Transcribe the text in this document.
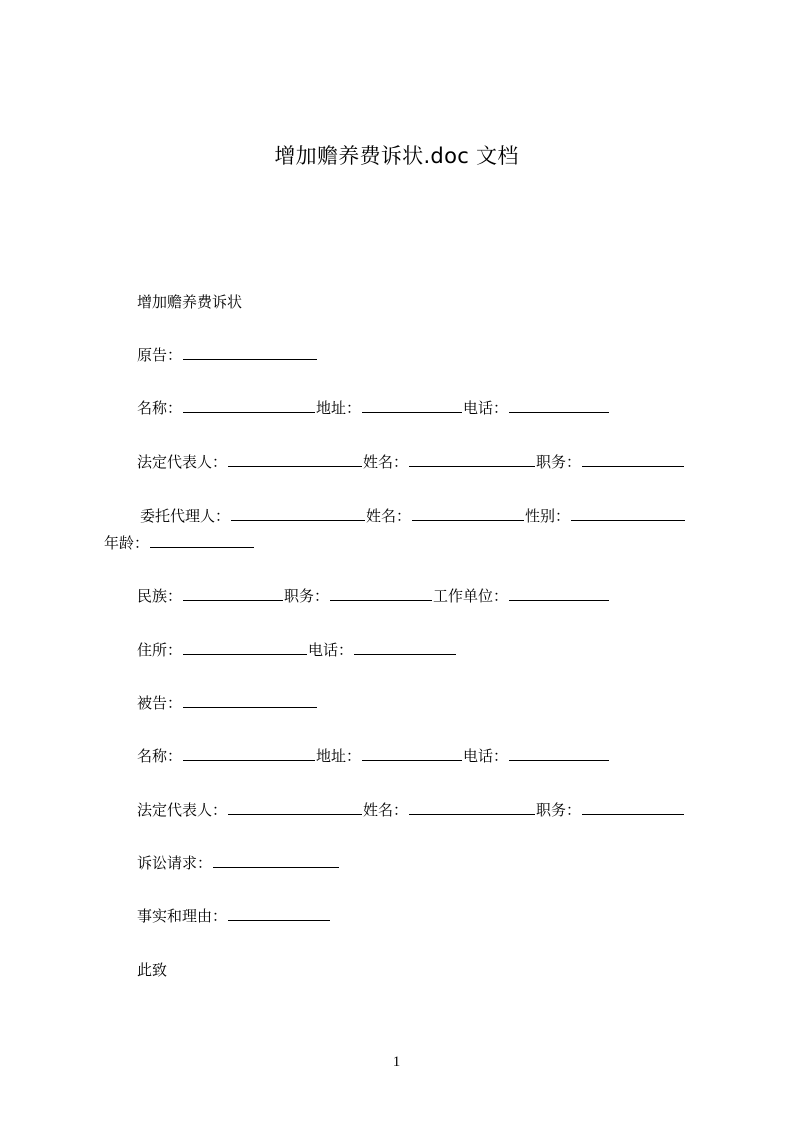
增加赡养费诉状.doc 文档
增加赡养费诉状
原告：
名称：	地址：	电话：
法定代表人：	姓名：	职务：
委托代理人：	姓名：	性别：
年龄：
民族：	职务：	工作单位：
住所：	电话：
被告：
名称：	地址：	电话：
法定代表人：	姓名：	职务：
诉讼请求：
事实和理由：
此致
1
